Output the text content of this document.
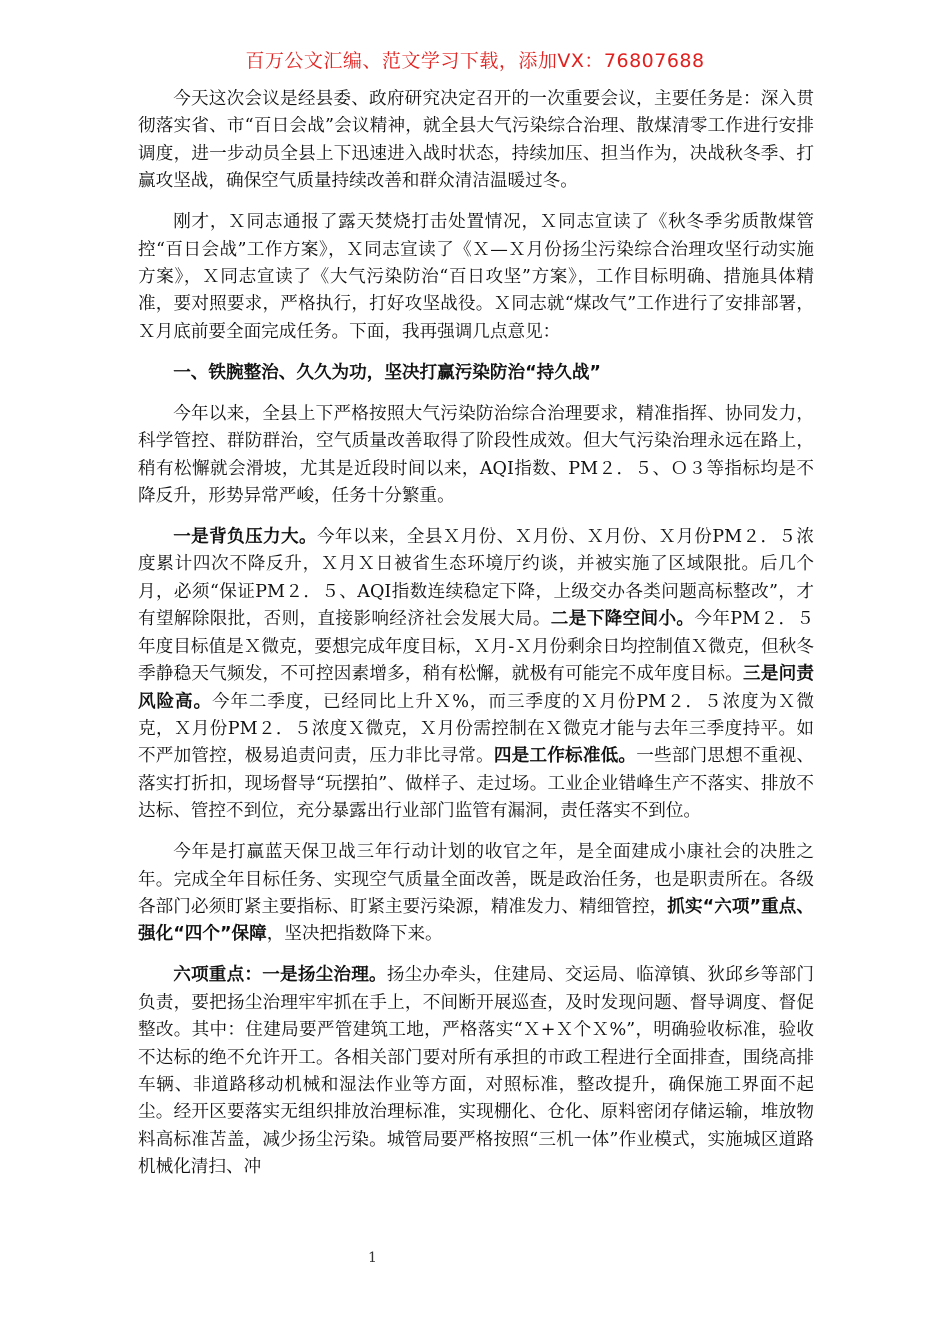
百万公文汇编、范文学习下载，添加VX：76807688

今天这次会议是经县委、政府研究决定召开的一次重要会议，主要任务是：深入贯彻落实省、市“百日会战”会议精神，就全县大气污染综合治理、散煤清零工作进行安排调度，进一步动员全县上下迅速进入战时状态，持续加压、担当作为，决战秋冬季、打赢攻坚战，确保空气质量持续改善和群众清洁温暖过冬。

刚才，Ｘ同志通报了露天焚烧打击处置情况，Ｘ同志宣读了《秋冬季劣质散煤管控“百日会战”工作方案》，Ｘ同志宣读了《Ｘ—Ｘ月份扬尘污染综合治理攻坚行动实施方案》，Ｘ同志宣读了《大气污染防治“百日攻坚”方案》，工作目标明确、措施具体精准，要对照要求，严格执行，打好攻坚战役。Ｘ同志就“煤改气”工作进行了安排部署，Ｘ月底前要全面完成任务。下面，我再强调几点意见：

一、铁腕整治、久久为功，坚决打赢污染防治“持久战”

今年以来，全县上下严格按照大气污染防治综合治理要求，精准指挥、协同发力，科学管控、群防群治，空气质量改善取得了阶段性成效。但大气污染治理永远在路上，稍有松懈就会滑坡，尤其是近段时间以来，AQI指数、PM２．５、Ｏ３等指标均是不降反升，形势异常严峻，任务十分繁重。

一是背负压力大。今年以来，全县Ｘ月份、Ｘ月份、Ｘ月份、Ｘ月份PM２．５浓度累计四次不降反升，Ｘ月Ｘ日被省生态环境厅约谈，并被实施了区域限批。后几个月，必须“保证PM２．５、AQI指数连续稳定下降，上级交办各类问题高标整改”，才有望解除限批，否则，直接影响经济社会发展大局。二是下降空间小。今年PM２．５年度目标值是Ｘ微克，要想完成年度目标，Ｘ月-Ｘ月份剩余日均控制值Ｘ微克，但秋冬季静稳天气频发，不可控因素增多，稍有松懈，就极有可能完不成年度目标。三是问责风险高。今年二季度，已经同比上升Ｘ%，而三季度的Ｘ月份PM２．５浓度为Ｘ微克，Ｘ月份PM２．５浓度Ｘ微克，Ｘ月份需控制在Ｘ微克才能与去年三季度持平。如不严加管控，极易追责问责，压力非比寻常。四是工作标准低。一些部门思想不重视、落实打折扣，现场督导“玩摆拍”、做样子、走过场。工业企业错峰生产不落实、排放不达标、管控不到位，充分暴露出行业部门监管有漏洞，责任落实不到位。

今年是打赢蓝天保卫战三年行动计划的收官之年，是全面建成小康社会的决胜之年。完成全年目标任务、实现空气质量全面改善，既是政治任务，也是职责所在。各级各部门必须盯紧主要指标、盯紧主要污染源，精准发力、精细管控，抓实“六项”重点、强化“四个”保障，坚决把指数降下来。

六项重点：一是扬尘治理。扬尘办牵头，住建局、交运局、临漳镇、狄邱乡等部门负责，要把扬尘治理牢牢抓在手上，不间断开展巡查，及时发现问题、督导调度、督促整改。其中：住建局要严管建筑工地，严格落实“Ｘ+Ｘ个Ｘ%”，明确验收标准，验收不达标的绝不允许开工。各相关部门要对所有承担的市政工程进行全面排查，围绕高排车辆、非道路移动机械和湿法作业等方面，对照标准，整改提升，确保施工界面不起尘。经开区要落实无组织排放治理标准，实现棚化、仓化、原料密闭存储运输，堆放物料高标准苫盖，减少扬尘污染。城管局要严格按照“三机一体”作业模式，实施城区道路机械化清扫、冲

1
